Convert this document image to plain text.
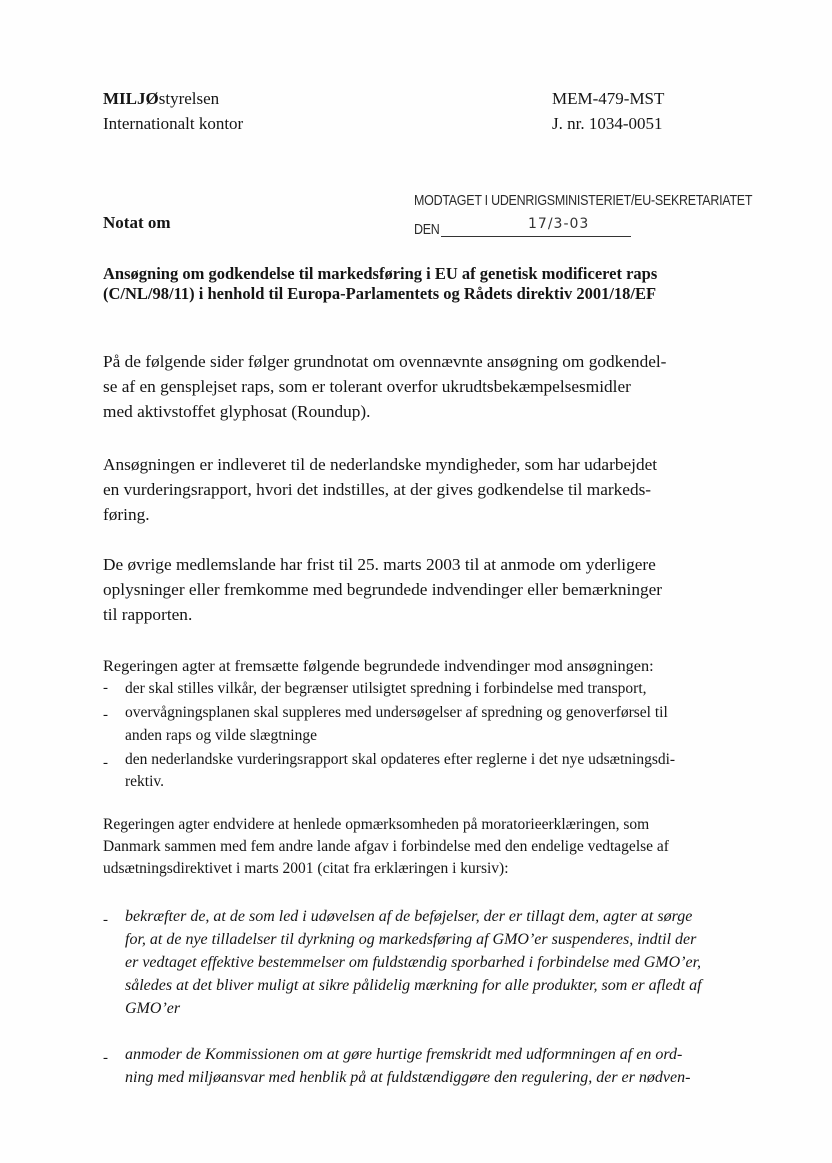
MILJØstyrelsen
Internationalt kontor
MEM-479-MST
J. nr. 1034-0051
MODTAGET I UDENRIGSMINISTERIET/EU-SEKRETARIATET
DEN	17/3-03
Notat om
Ansøgning om godkendelse til markedsføring i EU af genetisk modificeret raps
(C/NL/98/11) i henhold til Europa-Parlamentets og Rådets direktiv 2001/18/EF
På de følgende sider følger grundnotat om ovennævnte ansøgning om godkendel-
se af en gensplejset raps, som er tolerant overfor ukrudtsbekæmpelsesmidler
med aktivstoffet glyphosat (Roundup).
Ansøgningen er indleveret til de nederlandske myndigheder, som har udarbejdet
en vurderingsrapport, hvori det indstilles, at der gives godkendelse til markeds-
føring.
De øvrige medlemslande har frist til 25. marts 2003 til at anmode om yderligere
oplysninger eller fremkomme med begrundede indvendinger eller bemærkninger
til rapporten.
Regeringen agter at fremsætte følgende begrundede indvendinger mod ansøgningen:
- der skal stilles vilkår, der begrænser utilsigtet spredning i forbindelse med transport,
- overvågningsplanen skal suppleres med undersøgelser af spredning og genoverførsel til
anden raps og vilde slægtninge
- den nederlandske vurderingsrapport skal opdateres efter reglerne i det nye udsætningsdi-
rektiv.
Regeringen agter endvidere at henlede opmærksomheden på moratorieerklæringen, som
Danmark sammen med fem andre lande afgav i forbindelse med den endelige vedtagelse af
udsætningsdirektivet i marts 2001 (citat fra erklæringen i kursiv):
- bekræfter de, at de som led i udøvelsen af de beføjelser, der er tillagt dem, agter at sørge
for, at de nye tilladelser til dyrkning og markedsføring af GMO’er suspenderes, indtil der
er vedtaget effektive bestemmelser om fuldstændig sporbarhed i forbindelse med GMO’er,
således at det bliver muligt at sikre pålidelig mærkning for alle produkter, som er afledt af
GMO’er
- anmoder de Kommissionen om at gøre hurtige fremskridt med udformningen af en ord-
ning med miljøansvar med henblik på at fuldstændiggøre den regulering, der er nødven-
